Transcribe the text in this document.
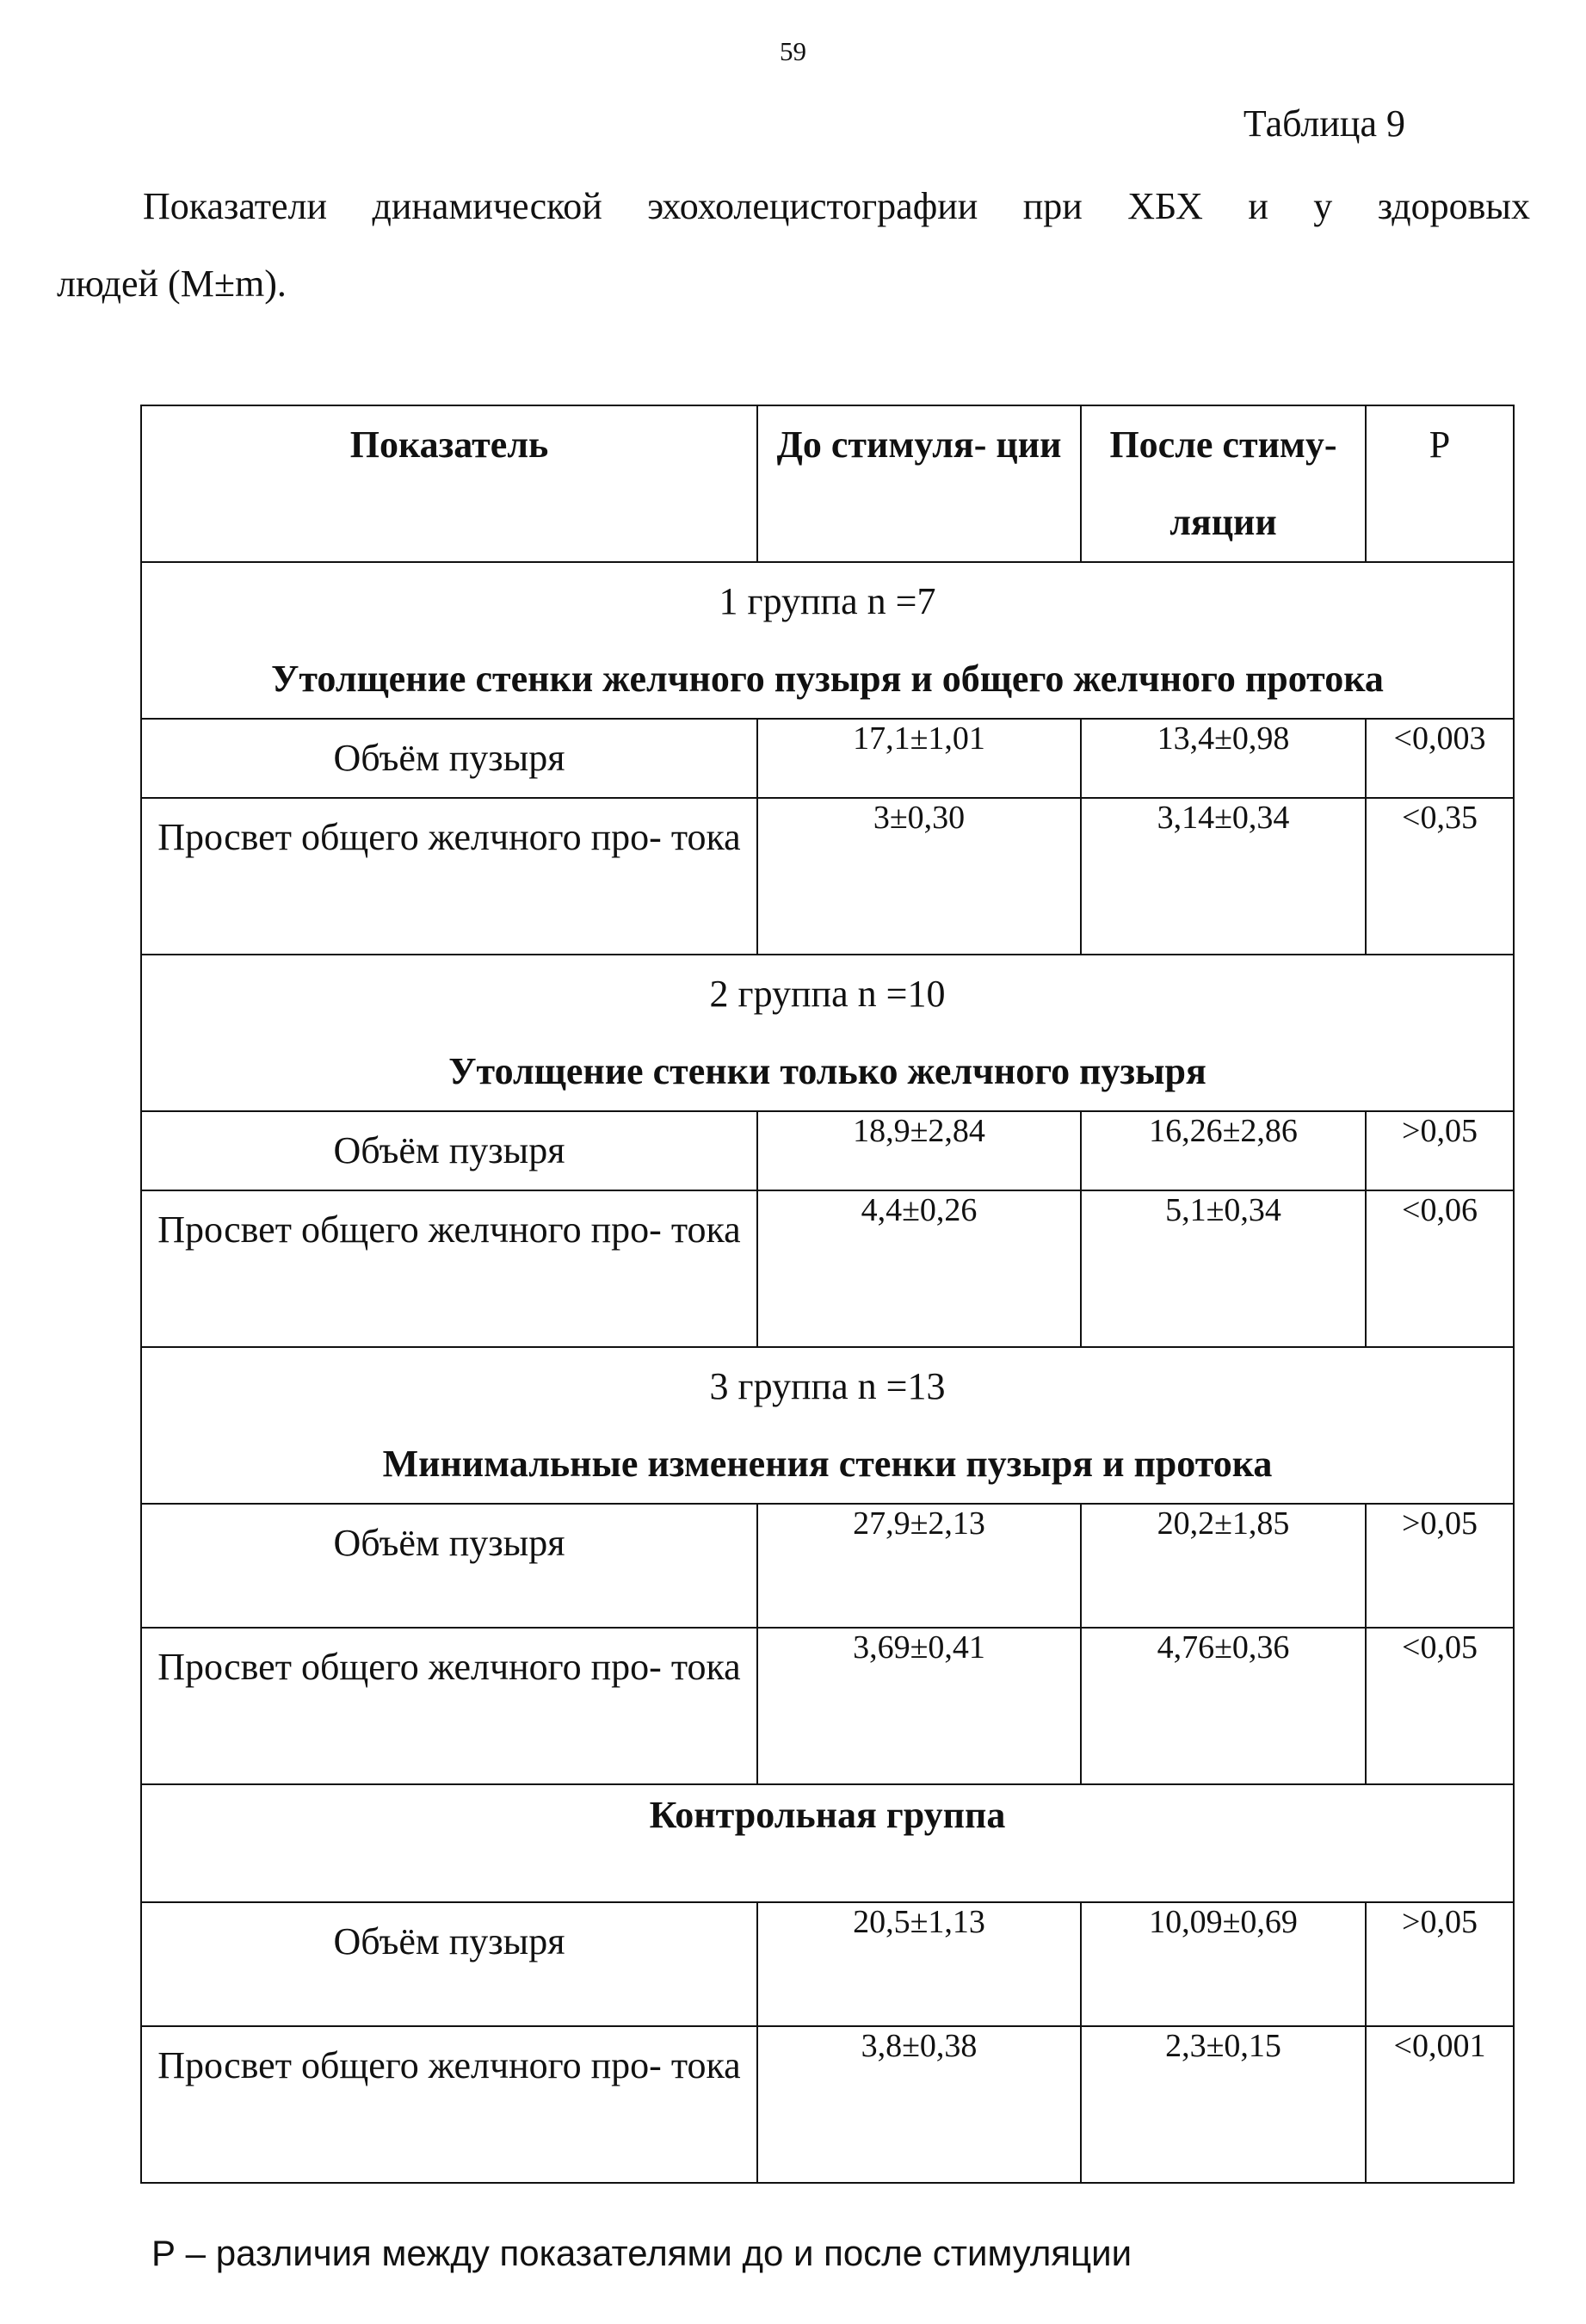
59
Таблица 9
Показатели динамической эхохолецистографии при ХБХ и у здоровых
людей (M±m).
Показатель	До стимуля- ции	После стиму- ляции	Р

1 группа n =7
Утолщение стенки желчного пузыря и общего желчного протока			

Объём пузыря	17,1±1,01	13,4±0,98	<0,003
Просвет общего желчного про- тока	3±0,30	3,14±0,34	<0,35

2 группа n =10
Утолщение стенки только желчного пузыря			

Объём пузыря	18,9±2,84	16,26±2,86	>0,05
Просвет общего желчного про- тока	4,4±0,26	5,1±0,34	<0,06

3 группа n =13
Минимальные изменения стенки пузыря и протока			

Объём пузыря	27,9±2,13	20,2±1,85	>0,05
Просвет общего желчного про- тока	3,69±0,41	4,76±0,36	<0,05
Контрольная группа			
Объём пузыря	20,5±1,13	10,09±0,69	>0,05
Просвет общего желчного про- тока	3,8±0,38	2,3±0,15	<0,001
Р – различия между показателями до и после стимуляции
